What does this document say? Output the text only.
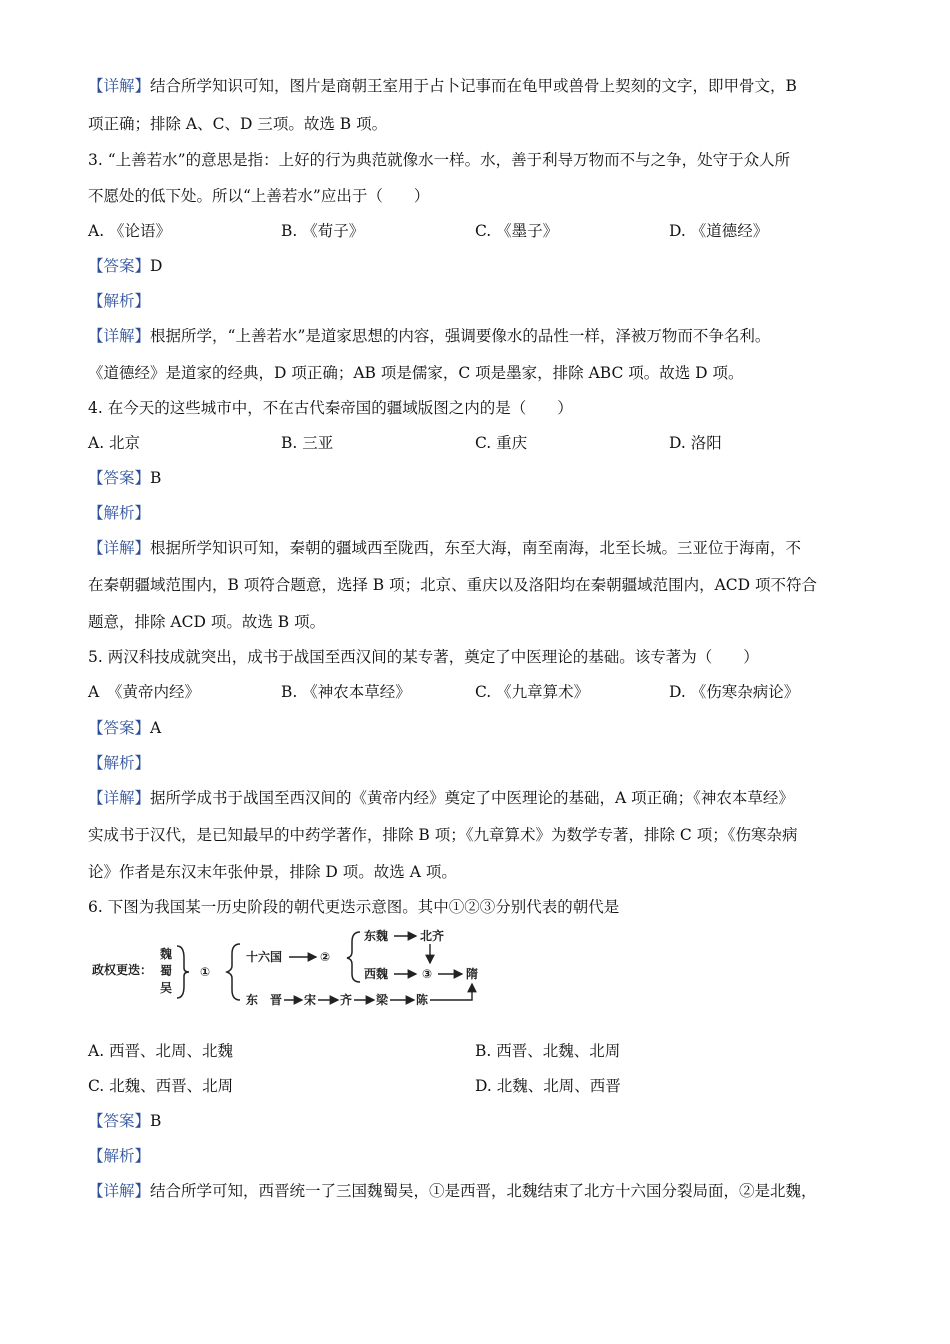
【详解】结合所学知识可知，图片是商朝王室用于占卜记事而在龟甲或兽骨上契刻的文字，即甲骨文，B
项正确；排除 A、C、D 三项。故选 B 项。
3. “上善若水”的意思是指：上好的行为典范就像水一样。水，善于利导万物而不与之争，处守于众人所
不愿处的低下处。所以“上善若水”应出于（　　）
A. 《论语》	B. 《荀子》	C. 《墨子》	D. 《道德经》
【答案】D
【解析】
【详解】根据所学，“上善若水”是道家思想的内容，强调要像水的品性一样，泽被万物而不争名利。
《道德经》是道家的经典，D 项正确；AB 项是儒家，C 项是墨家，排除 ABC 项。故选 D 项。
4. 在今天的这些城市中，不在古代秦帝国的疆域版图之内的是（　　）
A. 北京	B. 三亚	C. 重庆	D. 洛阳
【答案】B
【解析】
【详解】根据所学知识可知，秦朝的疆域西至陇西，东至大海，南至南海，北至长城。三亚位于海南，不
在秦朝疆域范围内，B 项符合题意，选择 B 项；北京、重庆以及洛阳均在秦朝疆域范围内，ACD 项不符合
题意，排除 ACD 项。故选 B 项。
5. 两汉科技成就突出，成书于战国至西汉间的某专著，奠定了中医理论的基础。该专著为（　　）
A　《黄帝内经》	B. 《神农本草经》	C. 《九章算术》	D. 《伤寒杂病论》
【答案】A
【解析】
【详解】据所学成书于战国至西汉间的《黄帝内经》奠定了中医理论的基础，A 项正确；《神农本草经》
实成书于汉代，是已知最早的中药学著作，排除 B 项；《九章算术》为数学专著，排除 C 项；《伤寒杂病
论》作者是东汉末年张仲景，排除 D 项。故选 A 项。
6. 下图为我国某一历史阶段的朝代更迭示意图。其中①②③分别代表的朝代是
政权更迭：
魏
蜀
吴
①
十六国	②
东魏	北齐
西魏	③	隋
东　晋 宋 齐 梁 陈
A. 西晋、北周、北魏	B. 西晋、北魏、北周
C. 北魏、西晋、北周	D. 北魏、北周、西晋
【答案】B
【解析】
【详解】结合所学可知，西晋统一了三国魏蜀吴，①是西晋，北魏结束了北方十六国分裂局面，②是北魏，
